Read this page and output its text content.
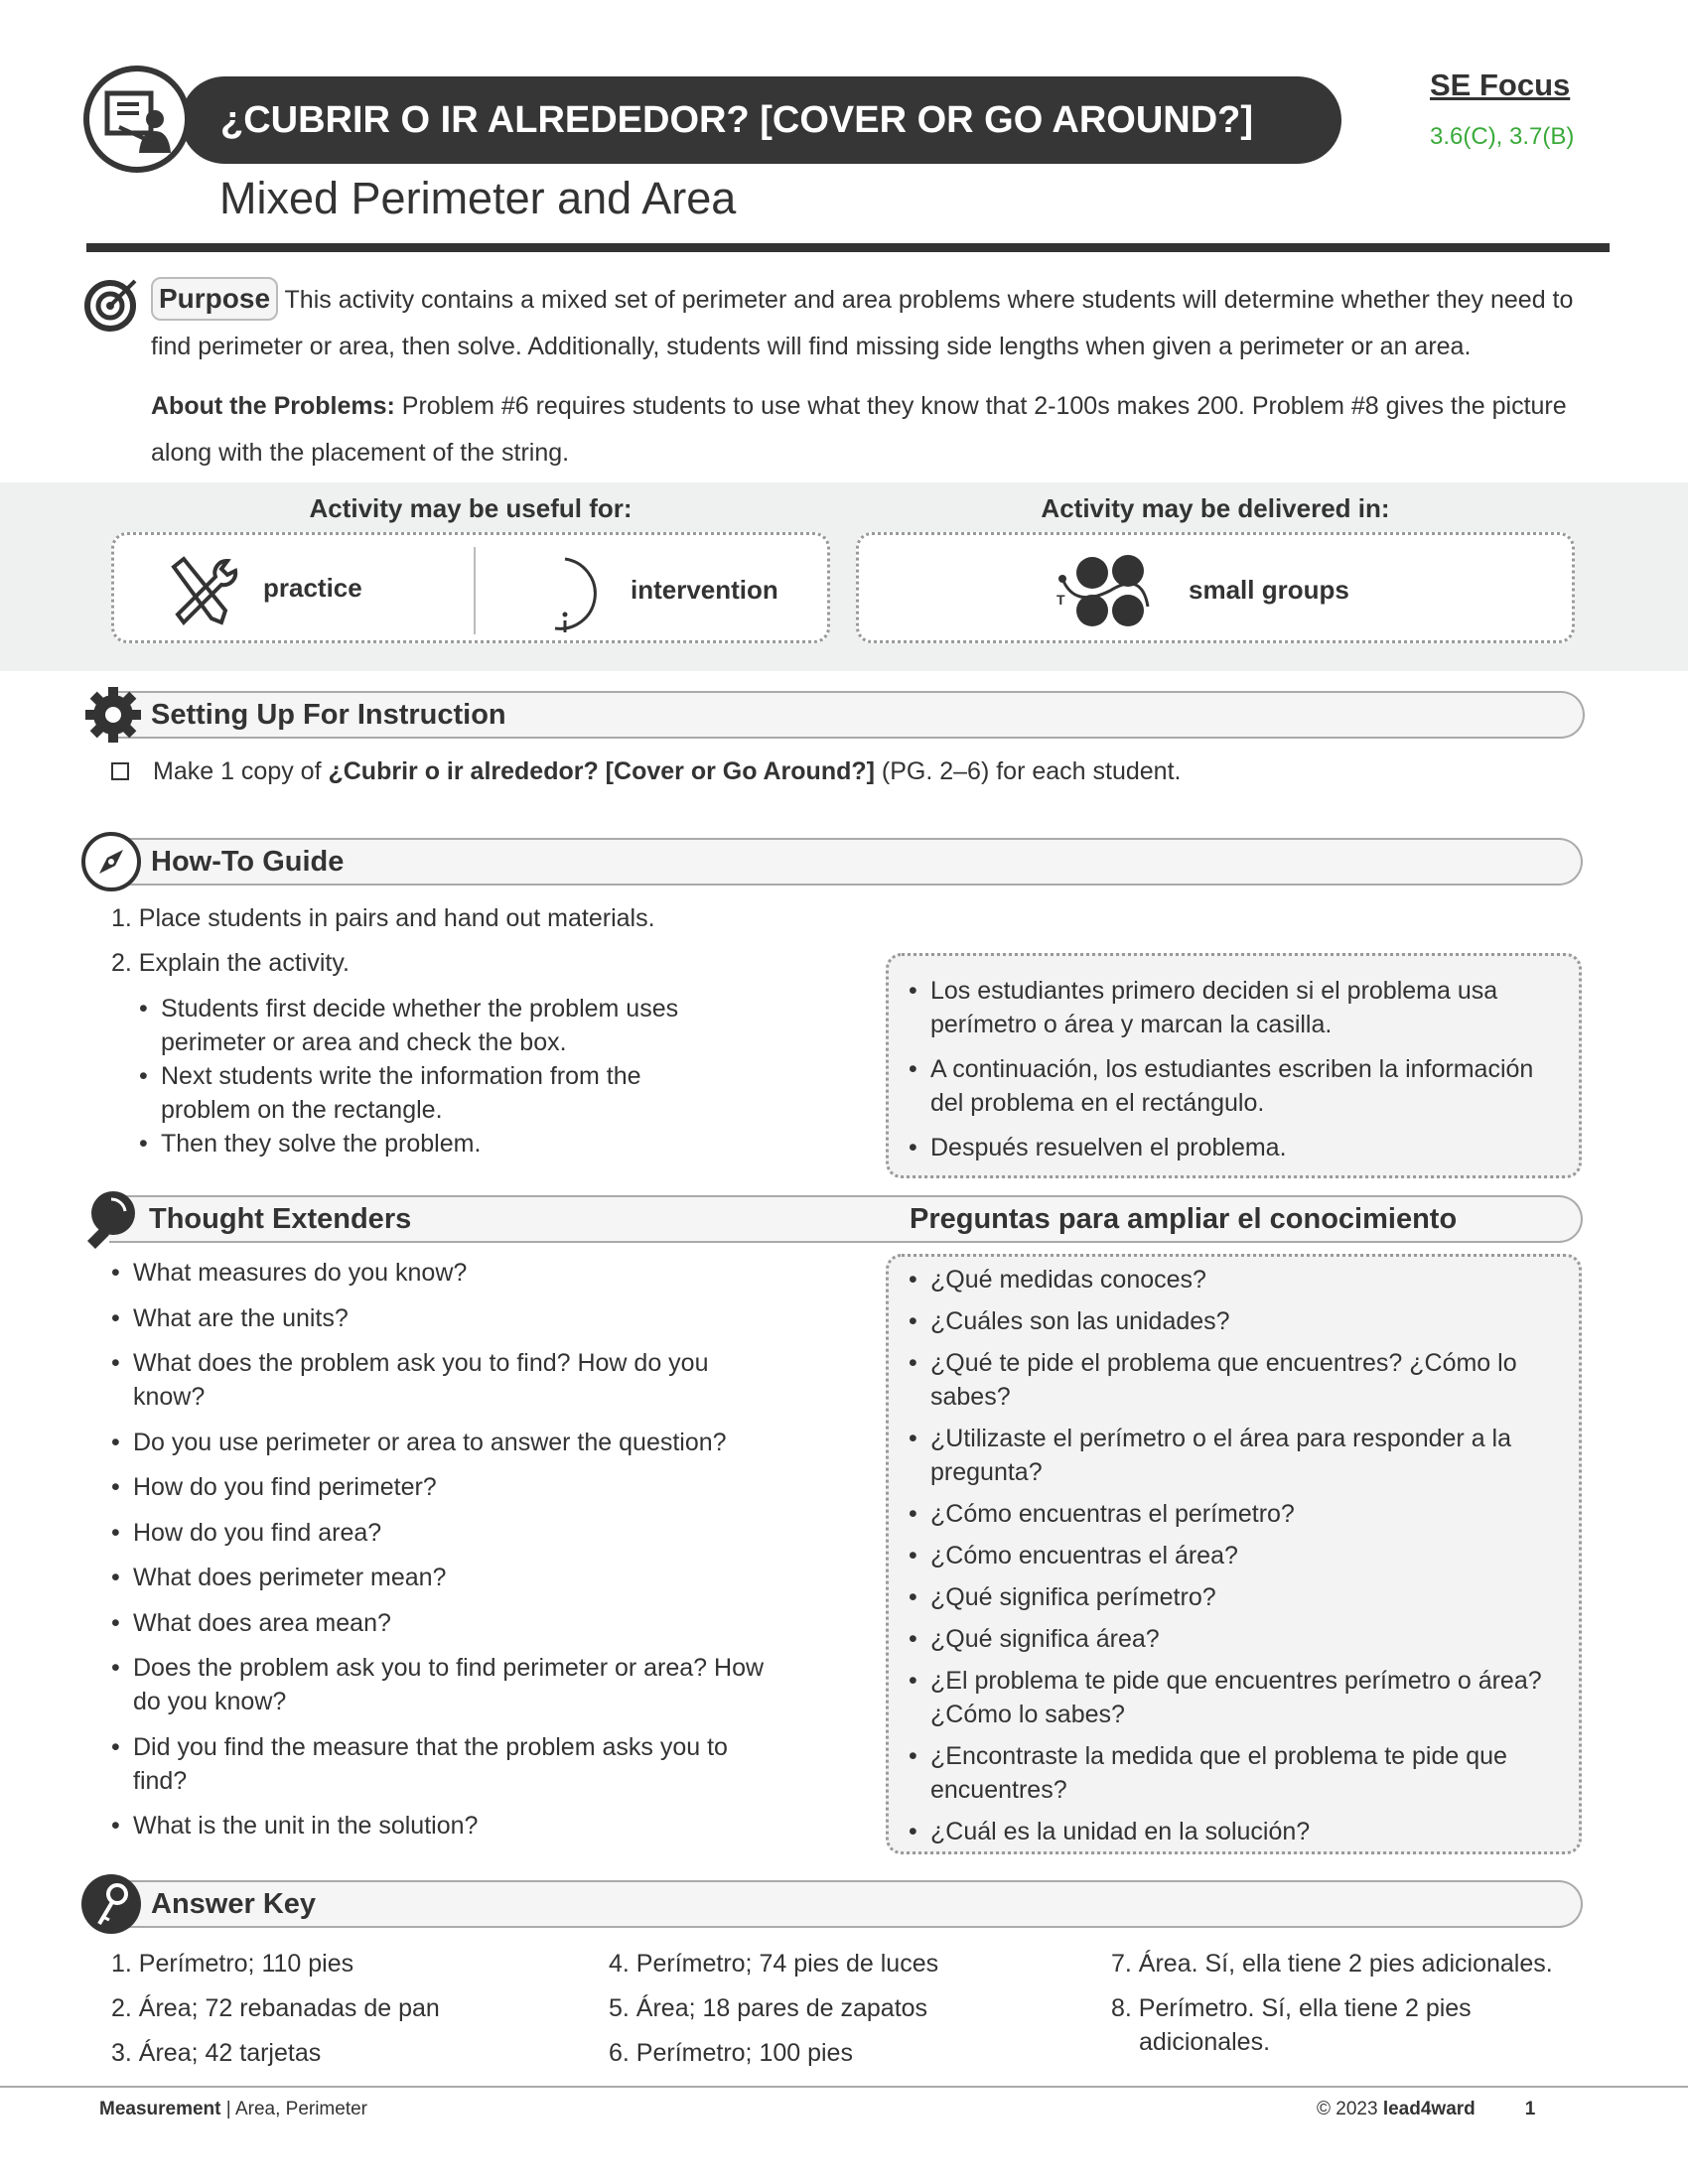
¿CUBRIR O IR ALREDEDOR? [COVER OR GO AROUND?]
SE Focus
3.6(C), 3.7(B)
Mixed Perimeter and Area
Purpose This activity contains a mixed set of perimeter and area problems where students will determine whether they need to find perimeter or area, then solve. Additionally, students will find missing side lengths when given a perimeter or an area.
About the Problems: Problem #6 requires students to use what they know that 2-100s makes 200. Problem #8 gives the picture along with the placement of the string.
Activity may be useful for:	Activity may be delivered in:
practice	intervention	T	small groups
Setting Up For Instruction
Make 1 copy of ¿Cubrir o ir alrededor? [Cover or Go Around?] (PG. 2–6) for each student.
How-To Guide
1. Place students in pairs and hand out materials.
2. Explain the activity.
• Students first decide whether the problem uses perimeter or area and check the box.
• Next students write the information from the problem on the rectangle.
• Then they solve the problem.
• Los estudiantes primero deciden si el problema usa perímetro o área y marcan la casilla.
• A continuación, los estudiantes escriben la información del problema en el rectángulo.
• Después resuelven el problema.
Thought Extenders	Preguntas para ampliar el conocimiento
• What measures do you know?
• What are the units?
• What does the problem ask you to find? How do you know?
• Do you use perimeter or area to answer the question?
• How do you find perimeter?
• How do you find area?
• What does perimeter mean?
• What does area mean?
• Does the problem ask you to find perimeter or area? How do you know?
• Did you find the measure that the problem asks you to find?
• What is the unit in the solution?
• ¿Qué medidas conoces?
• ¿Cuáles son las unidades?
• ¿Qué te pide el problema que encuentres? ¿Cómo lo sabes?
• ¿Utilizaste el perímetro o el área para responder a la pregunta?
• ¿Cómo encuentras el perímetro?
• ¿Cómo encuentras el área?
• ¿Qué significa perímetro?
• ¿Qué significa área?
• ¿El problema te pide que encuentres perímetro o área? ¿Cómo lo sabes?
• ¿Encontraste la medida que el problema te pide que encuentres?
• ¿Cuál es la unidad en la solución?
Answer Key
1. Perímetro; 110 pies
2. Área; 72 rebanadas de pan
3. Área; 42 tarjetas
4. Perímetro; 74 pies de luces
5. Área; 18 pares de zapatos
6. Perímetro; 100 pies
7. Área. Sí, ella tiene 2 pies adicionales.
8. Perímetro. Sí, ella tiene 2 pies adicionales.
Measurement | Area, Perimeter	© 2023 lead4ward	1
